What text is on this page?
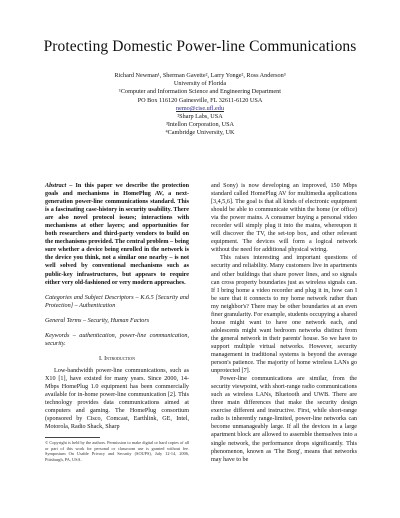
Protecting Domestic Power-line Communications
Richard Newman¹, Sherman Gavette², Larry Yonge², Ross Anderson³
University of Florida
¹Computer and Information Science and Engineering Department
PO Box 116120 Gainesville, FL 32611-6120 USA
nemo@cise.ufl.edu
²Sharp Labs, USA
³Intellon Corporation, USA
⁴Cambridge University, UK

Abstract – In this paper we describe the protection goals and mechanisms in HomePlug AV, a next-generation power-line communications standard. This is a fascinating case-history in security usability. There are also novel protocol issues; interactions with mechanisms at other layers; and opportunities for both researchers and third-party vendors to build on the mechanisms provided. The central problem – being sure whether a device being enrolled in the network is the device you think, not a similar one nearby – is not well solved by conventional mechanisms such as public-key infrastructures, but appears to require either very old-fashioned or very modern approaches.

Categories and Subject Descriptors – K.6.5 [Security and Protection] – Authentication

General Terms – Security, Human Factors

Keywords – authentication, power-line communication, security.

I. Introduction

Low-bandwidth power-line communications, such as X10 [1], have existed for many years. Since 2000, 14-Mbps HomePlug 1.0 equipment has been commercially available for in-home power-line communication [2]. This technology provides data communications aimed at computers and gaming. The HomePlug consortium (sponsored by Cisco, Comcast, Earthlink, GE, Intel, Motorola, Radio Shack, Sharp

© Copyright is held by the authors. Permission to make digital or hard copies of all or part of this work for personal or classroom use is granted without fee. Symposium On Usable Privacy and Security (SOUPS), July 12-14, 2006, Pittsburgh, PA, USA.

and Sony) is now developing an improved, 150 Mbps standard called HomePlug AV for multimedia applications [3,4,5,6]. The goal is that all kinds of electronic equipment should be able to communicate within the home (or office) via the power mains. A consumer buying a personal video recorder will simply plug it into the mains, whereupon it will discover the TV, the set-top box, and other relevant equipment. The devices will form a logical network without the need for additional physical wiring.

This raises interesting and important questions of security and reliability. Many customers live in apartments and other buildings that share power lines, and so signals can cross property boundaries just as wireless signals can. If I bring home a video recorder and plug it in, how can I be sure that it connects to my home network rather than my neighbor's? There may be other boundaries at an even finer granularity. For example, students occupying a shared house might want to have one network each, and adolescents might want bedroom networks distinct from the general network in their parents' house. So we have to support multiple virtual networks. However, security management in traditional systems is beyond the average person's patience. The majority of home wireless LANs go unprotected [7].

Power-line communications are similar, from the security viewpoint, with short-range radio communications such as wireless LANs, Bluetooth and UWB. There are three main differences that make the security design exercise different and instructive. First, while short-range radio is inherently range-limited, power-line networks can become unmanageably large. If all the devices in a large apartment block are allowed to assemble themselves into a single network, the performance drops significantly. This phenomenon, known as 'The Borg', means that networks may have to be
